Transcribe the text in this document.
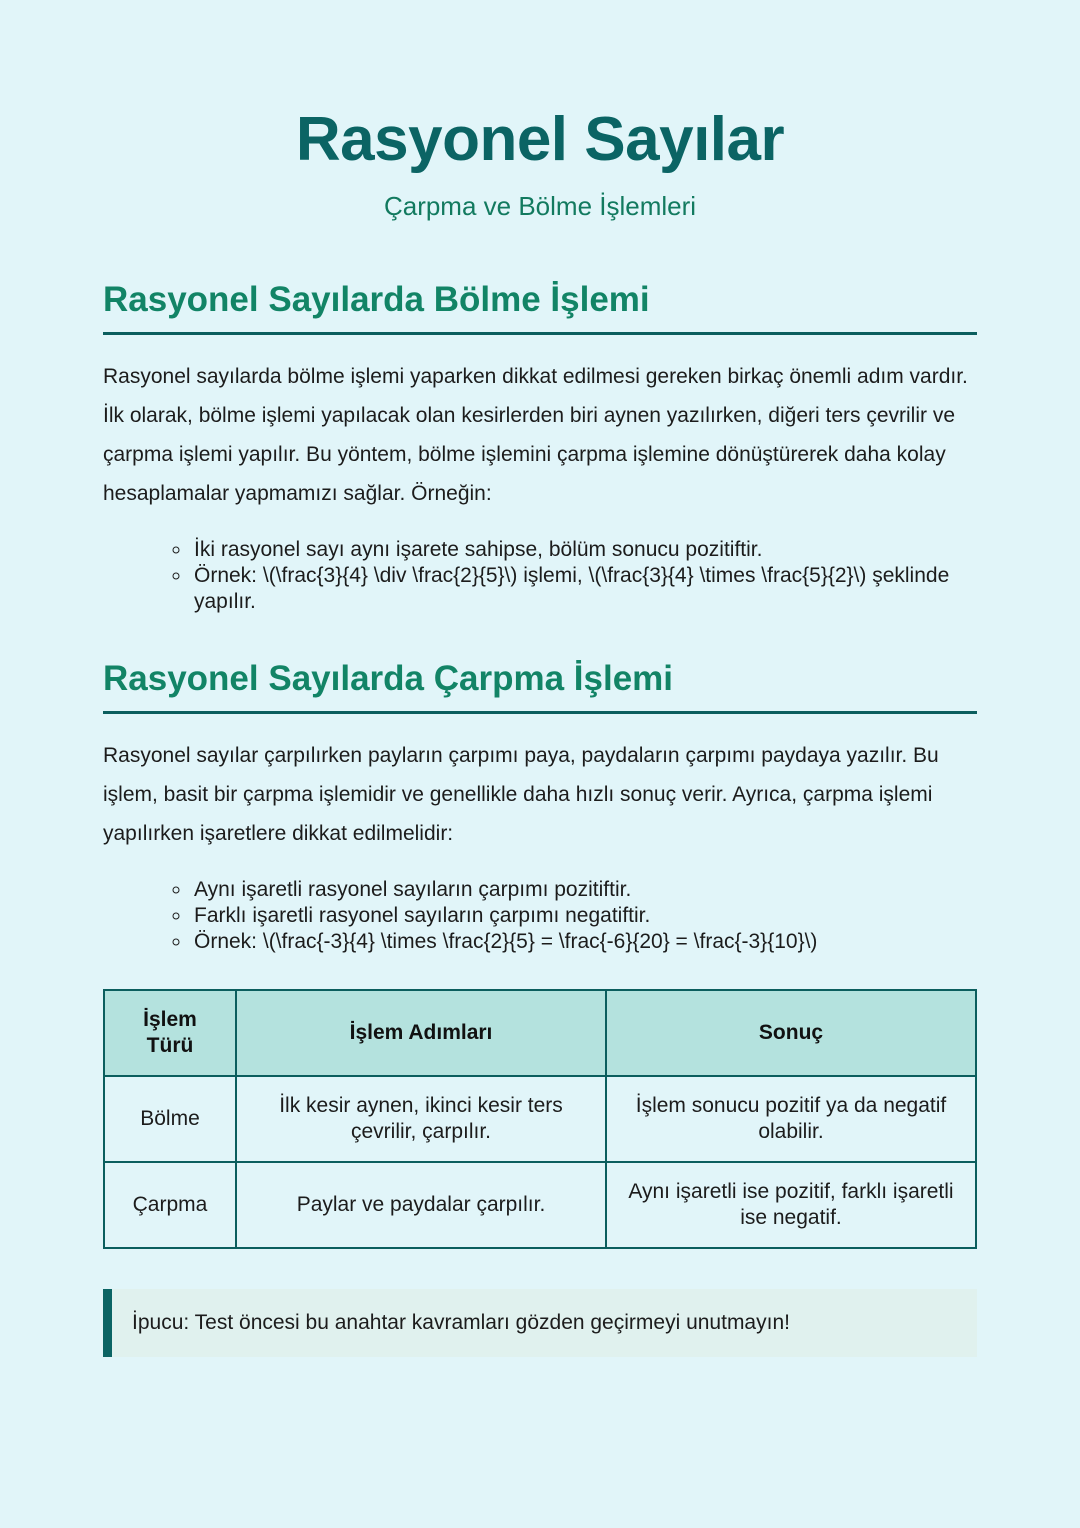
Rasyonel Sayılar

Çarpma ve Bölme İşlemleri

Rasyonel Sayılarda Bölme İşlemi

Rasyonel sayılarda bölme işlemi yaparken dikkat edilmesi gereken birkaç önemli adım vardır. İlk olarak, bölme işlemi yapılacak olan kesirlerden biri aynen yazılırken, diğeri ters çevrilir ve çarpma işlemi yapılır. Bu yöntem, bölme işlemini çarpma işlemine dönüştürerek daha kolay hesaplamalar yapmamızı sağlar. Örneğin:

◦ İki rasyonel sayı aynı işarete sahipse, bölüm sonucu pozitiftir.
◦ Örnek: \(\frac{3}{4} \div \frac{2}{5}\) işlemi, \(\frac{3}{4} \times \frac{5}{2}\) şeklinde yapılır.
Rasyonel Sayılarda Çarpma İşlemi

Rasyonel sayılar çarpılırken payların çarpımı paya, paydaların çarpımı paydaya yazılır. Bu işlem, basit bir çarpma işlemidir ve genellikle daha hızlı sonuç verir. Ayrıca, çarpma işlemi yapılırken işaretlere dikkat edilmelidir:

◦ Aynı işaretli rasyonel sayıların çarpımı pozitiftir.
◦ Farklı işaretli rasyonel sayıların çarpımı negatiftir.
◦ Örnek: \(\frac{-3}{4} \times \frac{2}{5} = \frac{-6}{20} = \frac{-3}{10}\)
İşlem Türü	İşlem Adımları	Sonuç
Bölme	İlk kesir aynen, ikinci kesir ters çevrilir, çarpılır.	İşlem sonucu pozitif ya da negatif olabilir.
Çarpma	Paylar ve paydalar çarpılır.	Aynı işaretli ise pozitif, farklı işaretli ise negatif.
İpucu: Test öncesi bu anahtar kavramları gözden geçirmeyi unutmayın!
